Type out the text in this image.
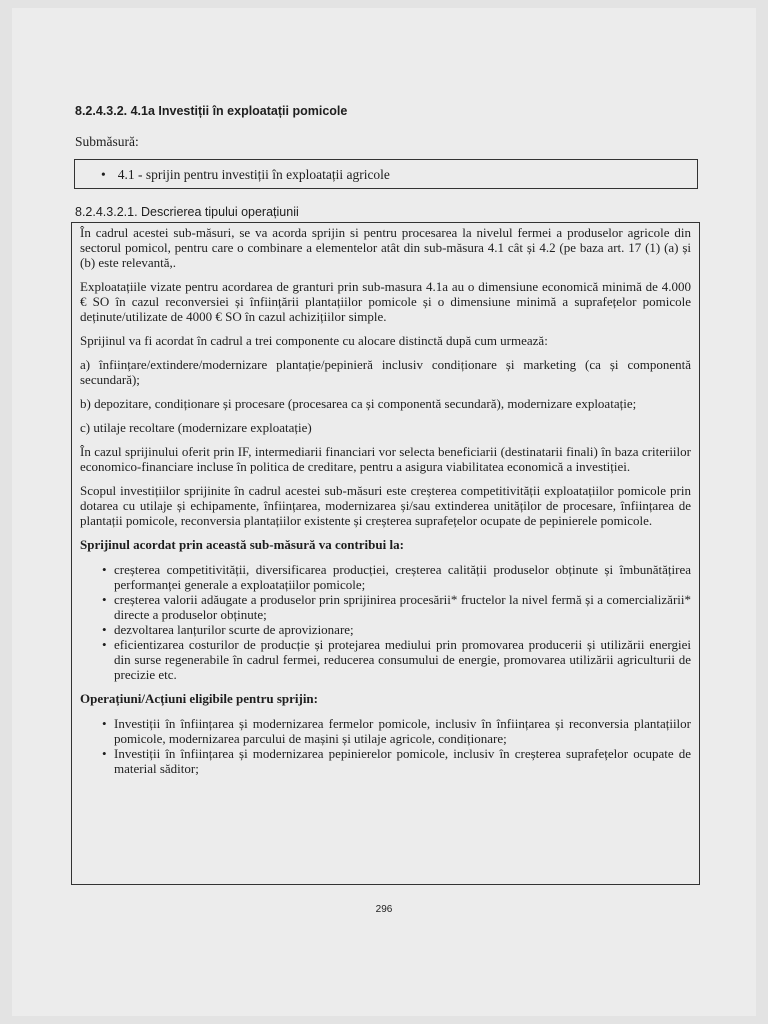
8.2.4.3.2. 4.1a Investiții în exploatații pomicole
Submăsură:
• 4.1 - sprijin pentru investiții în exploatații agricole
8.2.4.3.2.1. Descrierea tipului operațiunii

În cadrul acestei sub-măsuri, se va acorda sprijin si pentru procesarea la nivelul fermei a produselor agricole din sectorul pomicol, pentru care o combinare a elementelor atât din sub-măsura 4.1 cât și 4.2 (pe baza art. 17 (1) (a) și (b) este relevantă,.

Exploatațiile vizate pentru acordarea de granturi prin sub-masura 4.1a au o dimensiune economică minimă de 4.000 € SO în cazul reconversiei și înființării plantațiilor pomicole și o dimensiune minimă a suprafețelor pomicole deținute/utilizate de 4000 € SO în cazul achizițiilor simple.

Sprijinul va fi acordat în cadrul a trei componente cu alocare distinctă după cum urmează:

a) înființare/extindere/modernizare plantație/pepinieră inclusiv condiționare și marketing (ca și componentă secundară);

b) depozitare, condiționare și procesare (procesarea ca și componentă secundară), modernizare exploatație;

c) utilaje recoltare (modernizare exploatație)

În cazul sprijinului oferit prin IF, intermediarii financiari vor selecta beneficiarii (destinatarii finali) în baza criteriilor economico-financiare incluse în politica de creditare, pentru a asigura viabilitatea economică a investiției.

Scopul investițiilor sprijinite în cadrul acestei sub-măsuri este creșterea competitivității exploatațiilor pomicole prin dotarea cu utilaje și echipamente, înființarea, modernizarea și/sau extinderea unităților de procesare, înființarea de plantații pomicole, reconversia plantațiilor existente și creșterea suprafețelor ocupate de pepinierele pomicole.

Sprijinul acordat prin această sub-măsură va contribui la:

• creșterea competitivității, diversificarea producției, creșterea calității produselor obținute și îmbunătățirea performanței generale a exploatațiilor pomicole;
• creșterea valorii adăugate a produselor prin sprijinirea procesării* fructelor la nivel fermă și a comercializării* directe a produselor obținute;
• dezvoltarea lanțurilor scurte de aprovizionare;
• eficientizarea costurilor de producție și protejarea mediului prin promovarea producerii și utilizării energiei din surse regenerabile în cadrul fermei, reducerea consumului de energie, promovarea utilizării agriculturii de precizie etc.

Operațiuni/Acțiuni eligibile pentru sprijin:

• Investiții în înființarea și modernizarea fermelor pomicole, inclusiv în înființarea și reconversia plantațiilor pomicole, modernizarea parcului de mașini și utilaje agricole, condiționare;
• Investiții în înființarea și modernizarea pepinierelor pomicole, inclusiv în creșterea suprafețelor ocupate de material săditor;
296
